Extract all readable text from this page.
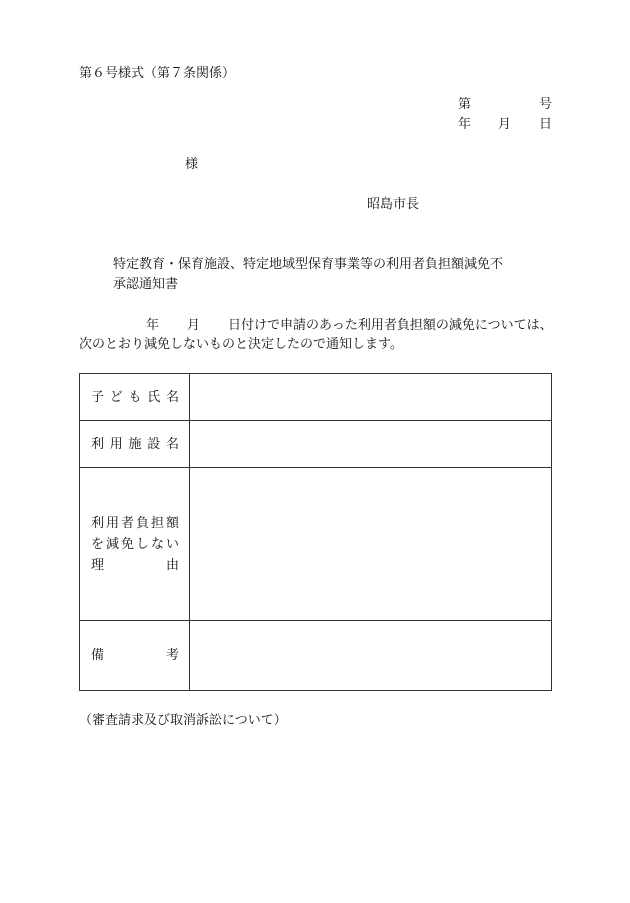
第６号様式（第７条関係）
第	号
年 月 日
様
昭島市長
特定教育・保育施設、特定地域型保育事業等の利用者負担額減免不
承認通知書
年 月 日付けで申請のあった利用者負担額の減免については、
次のとおり減免しないものと決定したので通知します。
子ども氏名	

利用施設名	

利用者負担額
を減免しない
理由	

備考	

（審査請求及び取消訴訟について）
